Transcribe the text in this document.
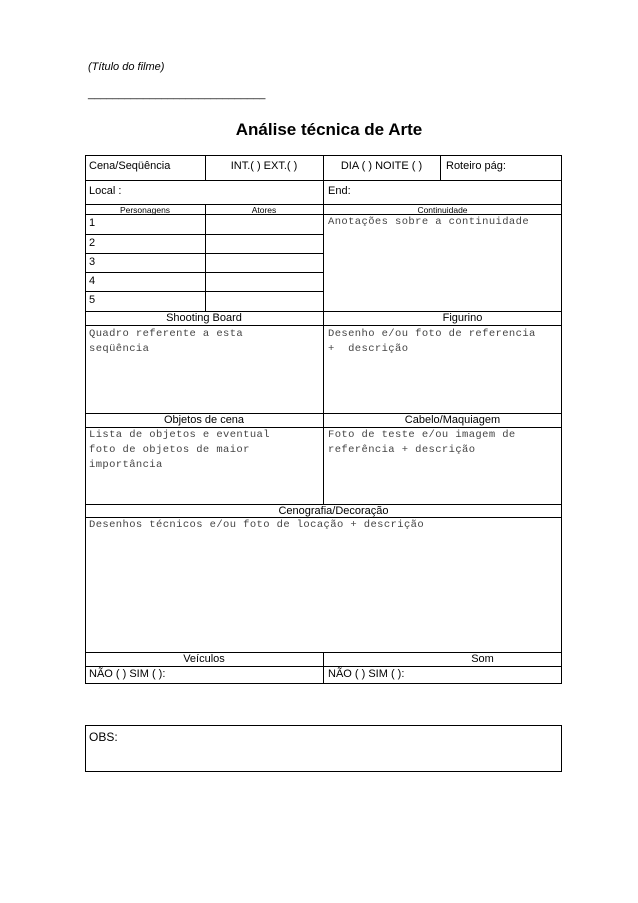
(Título do filme)
_____________________________
Análise técnica de Arte
Cena/Seqüência	INT.( ) EXT.( )	DIA ( ) NOITE ( )	Roteiro pág:
Local :	End:
Personagens	Atores	Continuidade
1
2
3
4
5
Anotações sobre a continuidade
Shooting Board	Figurino
Quadro referente a esta
seqüência
Desenho e/ou foto de referencia
+  descrição
Objetos de cena	Cabelo/Maquiagem
Lista de objetos e eventual
foto de objetos de maior
importância
Foto de teste e/ou imagem de
referência + descrição
Cenografia/Decoração
Desenhos técnicos e/ou foto de locação + descrição
Veículos	Som
NÃO ( ) SIM ( ):	NÃO ( ) SIM ( ):
OBS:
